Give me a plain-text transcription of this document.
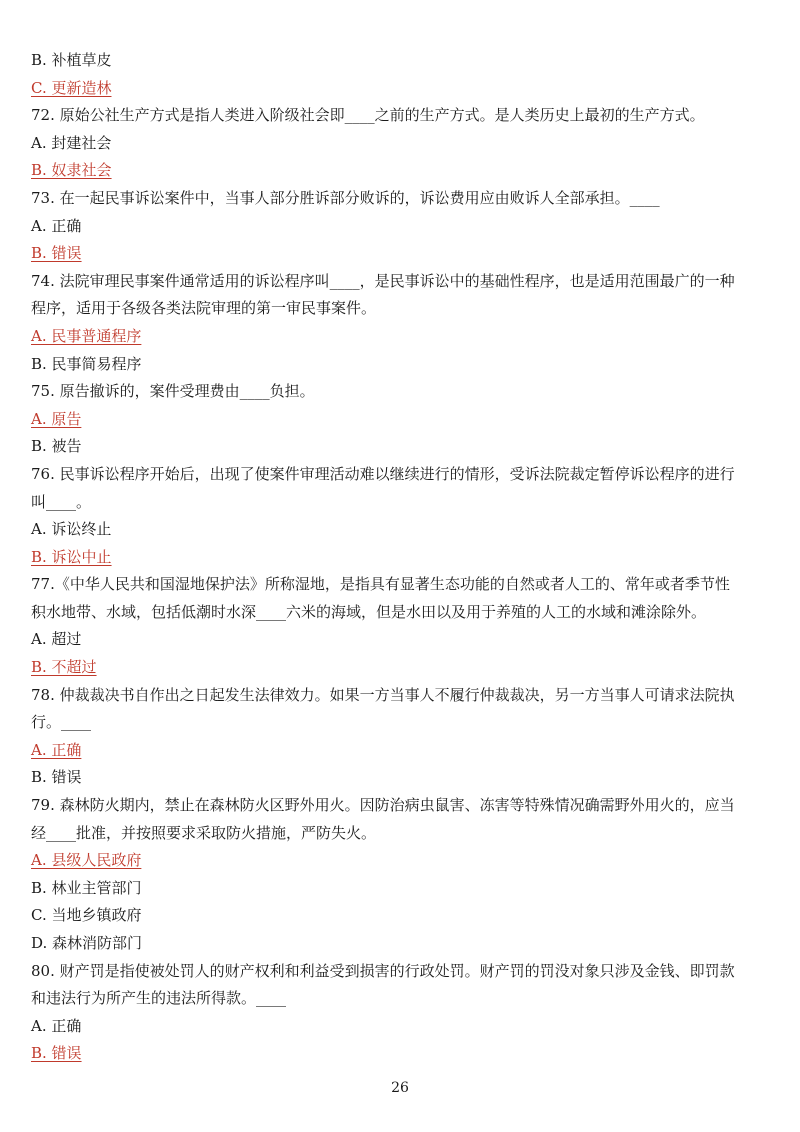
B. 补植草皮
C. 更新造林
72. 原始公社生产方式是指人类进入阶级社会即____之前的生产方式。是人类历史上最初的生产方式。
A. 封建社会
B. 奴隶社会
73. 在一起民事诉讼案件中，当事人部分胜诉部分败诉的，诉讼费用应由败诉人全部承担。____
A. 正确
B. 错误
74. 法院审理民事案件通常适用的诉讼程序叫____，是民事诉讼中的基础性程序，也是适用范围最广的一种
程序，适用于各级各类法院审理的第一审民事案件。
A. 民事普通程序
B. 民事简易程序
75. 原告撤诉的，案件受理费由____负担。
A. 原告
B. 被告
76. 民事诉讼程序开始后，出现了使案件审理活动难以继续进行的情形，受诉法院裁定暂停诉讼程序的进行
叫____。
A. 诉讼终止
B. 诉讼中止
77.《中华人民共和国湿地保护法》所称湿地，是指具有显著生态功能的自然或者人工的、常年或者季节性
积水地带、水域，包括低潮时水深____六米的海域，但是水田以及用于养殖的人工的水域和滩涂除外。
A. 超过
B. 不超过
78. 仲裁裁决书自作出之日起发生法律效力。如果一方当事人不履行仲裁裁决，另一方当事人可请求法院执
行。____
A. 正确
B. 错误
79. 森林防火期内，禁止在森林防火区野外用火。因防治病虫鼠害、冻害等特殊情况确需野外用火的，应当
经____批准，并按照要求采取防火措施，严防失火。
A. 县级人民政府
B. 林业主管部门
C. 当地乡镇政府
D. 森林消防部门
80. 财产罚是指使被处罚人的财产权利和利益受到损害的行政处罚。财产罚的罚没对象只涉及金钱、即罚款
和违法行为所产生的违法所得款。____
A. 正确
B. 错误
26
